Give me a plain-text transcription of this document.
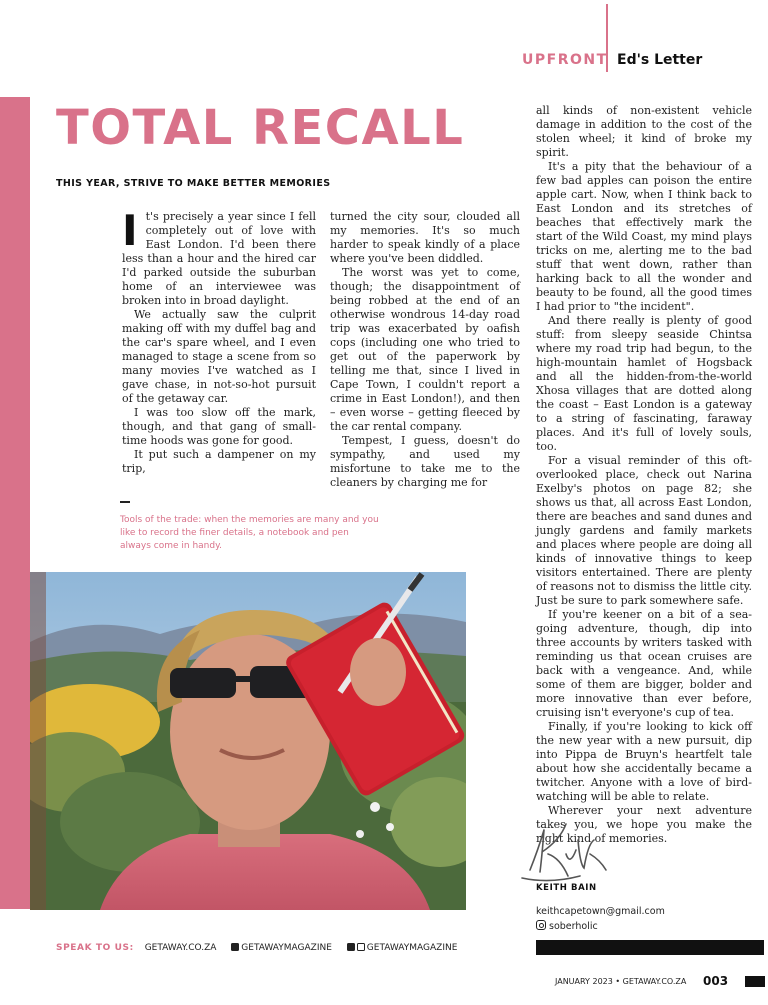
UPFRONT Ed's Letter
TOTAL RECALL
THIS YEAR, STRIVE TO MAKE BETTER MEMORIES

It's precisely a year since I fell completely out of love with East London. I'd been there less than a hour and the hired car I'd parked outside the suburban home of an interviewee was broken into in broad daylight.

We actually saw the culprit making off with my duffel bag and the car's spare wheel, and I even managed to stage a scene from so many movies I've watched as I gave chase, in not-so-hot pursuit of the getaway car.

I was too slow off the mark, though, and that gang of small-time hoods was gone for good.

It put such a dampener on my trip,

turned the city sour, clouded all my memories. It's so much harder to speak kindly of a place where you've been diddled.

The worst was yet to come, though; the disappointment of being robbed at the end of an otherwise wondrous 14-day road trip was exacerbated by oafish cops (including one who tried to get out of the paperwork by telling me that, since I lived in Cape Town, I couldn't report a crime in East London!), and then – even worse – getting fleeced by the car rental company.

Tempest, I guess, doesn't do sympathy, and used my misfortune to take me to the cleaners by charging me for

all kinds of non-existent vehicle damage in addition to the cost of the stolen wheel; it kind of broke my spirit.

It's a pity that the behaviour of a few bad apples can poison the entire apple cart. Now, when I think back to East London and its stretches of beaches that effectively mark the start of the Wild Coast, my mind plays tricks on me, alerting me to the bad stuff that went down, rather than harking back to all the wonder and beauty to be found, all the good times I had prior to "the incident".

And there really is plenty of good stuff: from sleepy seaside Chintsa where my road trip had begun, to the high-mountain hamlet of Hogsback and all the hidden-from-the-world Xhosa villages that are dotted along the coast – East London is a gateway to a string of fascinating, faraway places. And it's full of lovely souls, too.

For a visual reminder of this oft-overlooked place, check out Narina Exelby's photos on page 82; she shows us that, all across East London, there are beaches and sand dunes and jungly gardens and family markets and places where people are doing all kinds of innovative things to keep visitors entertained. There are plenty of reasons not to dismiss the little city. Just be sure to park somewhere safe.

If you're keener on a bit of a sea-going adventure, though, dip into three accounts by writers tasked with reminding us that ocean cruises are back with a vengeance. And, while some of them are bigger, bolder and more innovative than ever before, cruising isn't everyone's cup of tea.

Finally, if you're looking to kick off the new year with a new pursuit, dip into Pippa de Bruyn's heartfelt tale about how she accidentally became a twitcher. Anyone with a love of bird-watching will be able to relate.

Wherever your next adventure takes you, we hope you make the right kind of memories.

Tools of the trade: when the memories are many and you like to record the finer details, a notebook and pen always come in handy.
KEITH BAIN
keithcapetown@gmail.com
soberholic
SPEAK TO US: GETAWAY.CO.ZA	GETAWAYMAGAZINE	GETAWAYMAGAZINE
JANUARY 2023 • GETAWAY.CO.ZA 003
